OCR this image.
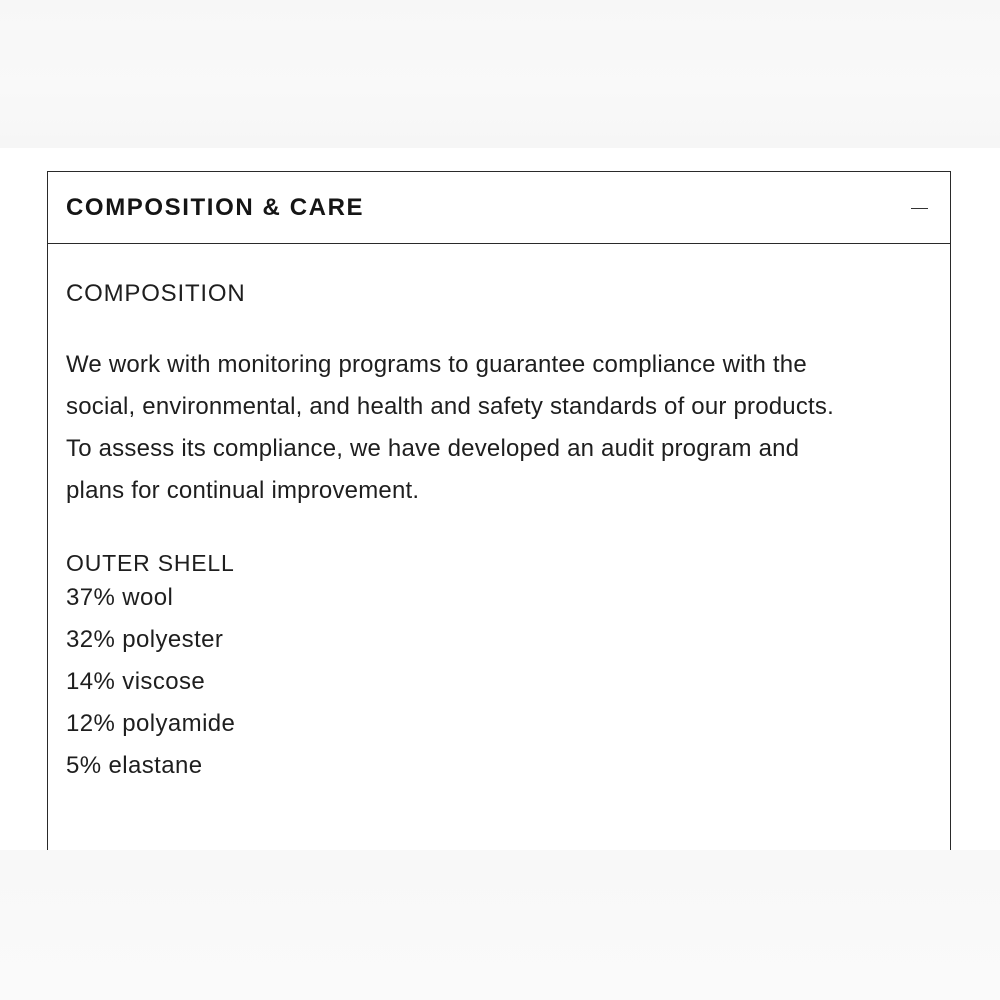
COMPOSITION & CARE
COMPOSITION
We work with monitoring programs to guarantee compliance with the
social, environmental, and health and safety standards of our products.
To assess its compliance, we have developed an audit program and
plans for continual improvement.
OUTER SHELL
37% wool
32% polyester
14% viscose
12% polyamide
5% elastane
